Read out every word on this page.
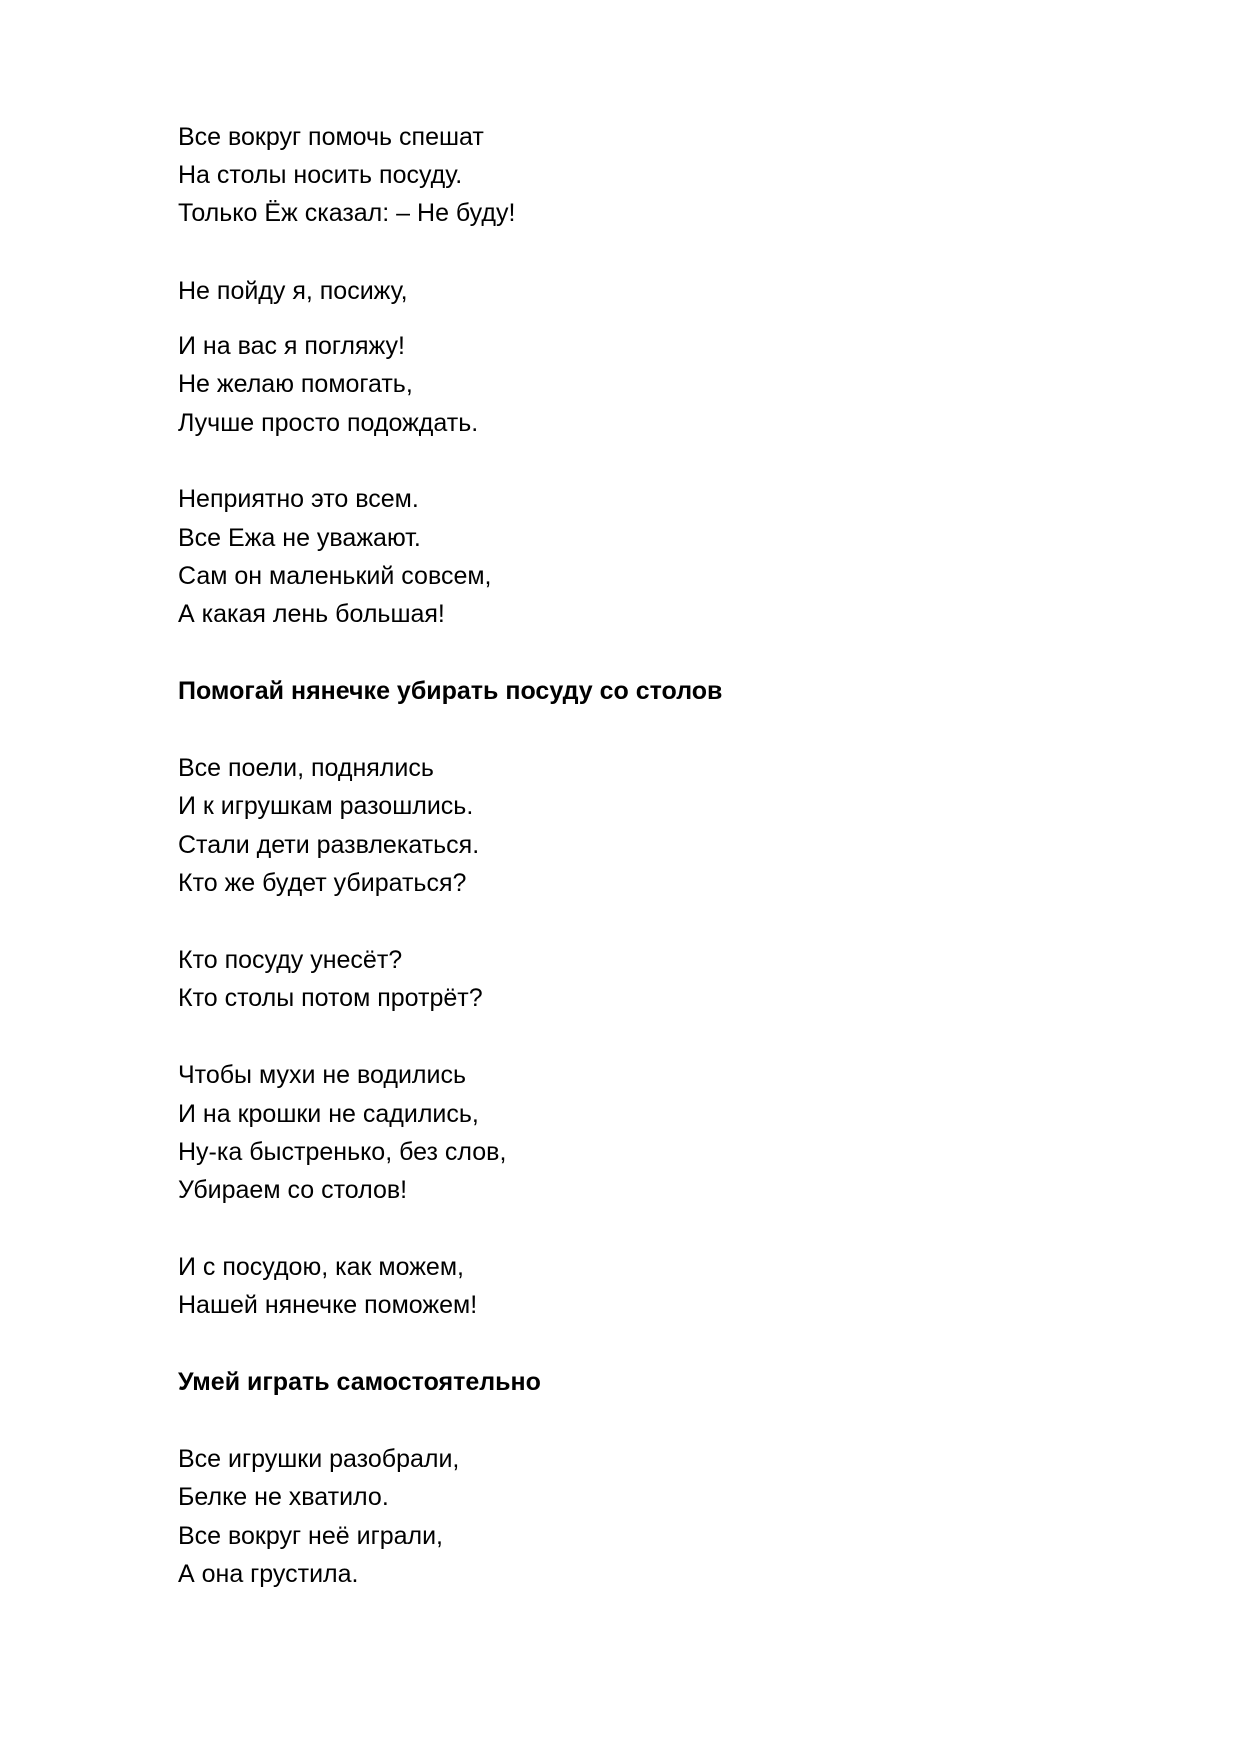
Все вокруг помочь спешат

На столы носить посуду.

Только Ёж сказал: – Не буду!

Не пойду я, посижу,

И на вас я погляжу!

Не желаю помогать,

Лучше просто подождать.

Неприятно это всем.

Все Ежа не уважают.

Сам он маленький совсем,

А какая лень большая!

Помогай нянечке убирать посуду со столов

Все поели, поднялись

И к игрушкам разошлись.

Стали дети развлекаться.

Кто же будет убираться?

Кто посуду унесёт?

Кто столы потом протрёт?

Чтобы мухи не водились

И на крошки не садились,

Ну-ка быстренько, без слов,

Убираем со столов!

И с посудою, как можем,

Нашей нянечке поможем!

Умей играть самостоятельно

Все игрушки разобрали,

Белке не хватило.

Все вокруг неё играли,

А она грустила.
